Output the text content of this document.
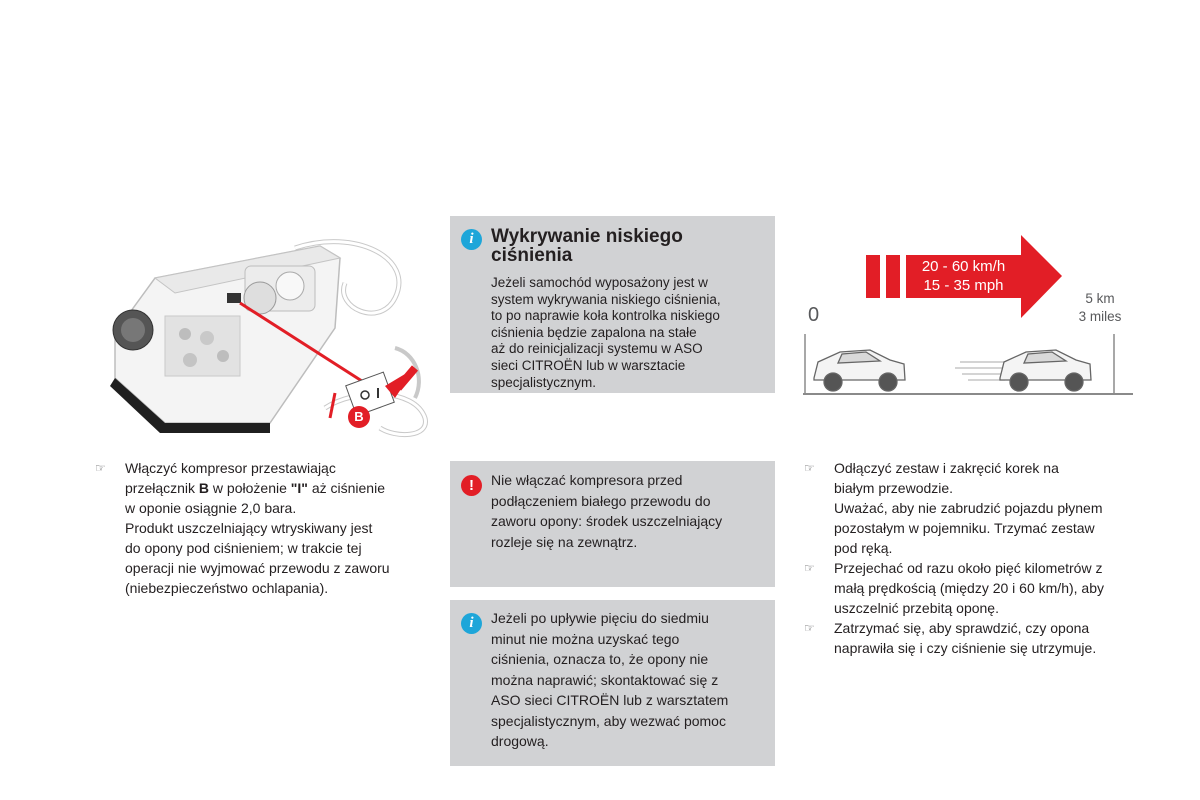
B
i Wykrywanie niskiego
ciśnienia
Jeżeli samochód wyposażony jest w
system wykrywania niskiego ciśnienia,
to po naprawie koła kontrolka niskiego
ciśnienia będzie zapalona na stałe
aż do reinicjalizacji systemu w ASO
sieci CITROËN lub w warsztacie
specjalistycznym.
!	Nie włączać kompresora przed
podłączeniem białego przewodu do
zaworu opony: środek uszczelniający
rozleje się na zewnątrz.
i	Jeżeli po upływie pięciu do siedmiu
minut nie można uzyskać tego
ciśnienia, oznacza to, że opony nie
można naprawić; skontaktować się z
ASO sieci CITROËN lub z warsztatem
specjalistycznym, aby wezwać pomoc
drogową.
☞	Włączyć kompresor przestawiając
przełącznik B w położenie "I" aż ciśnienie
w oponie osiągnie 2,0 bara.
Produkt uszczelniający wtryskiwany jest
do opony pod ciśnieniem; w trakcie tej
operacji nie wyjmować przewodu z zaworu
(niebezpieczeństwo ochlapania).
20 - 60 km/h
15 - 35 mph
0
5 km
3 miles
☞	Odłączyć zestaw i zakręcić korek na
białym przewodzie.
Uważać, aby nie zabrudzić pojazdu płynem
pozostałym w pojemniku. Trzymać zestaw
pod ręką.
☞	Przejechać od razu około pięć kilometrów z
małą prędkością (między 20 i 60 km/h), aby
uszczelnić przebitą oponę.
☞	Zatrzymać się, aby sprawdzić, czy opona
naprawiła się i czy ciśnienie się utrzymuje.
